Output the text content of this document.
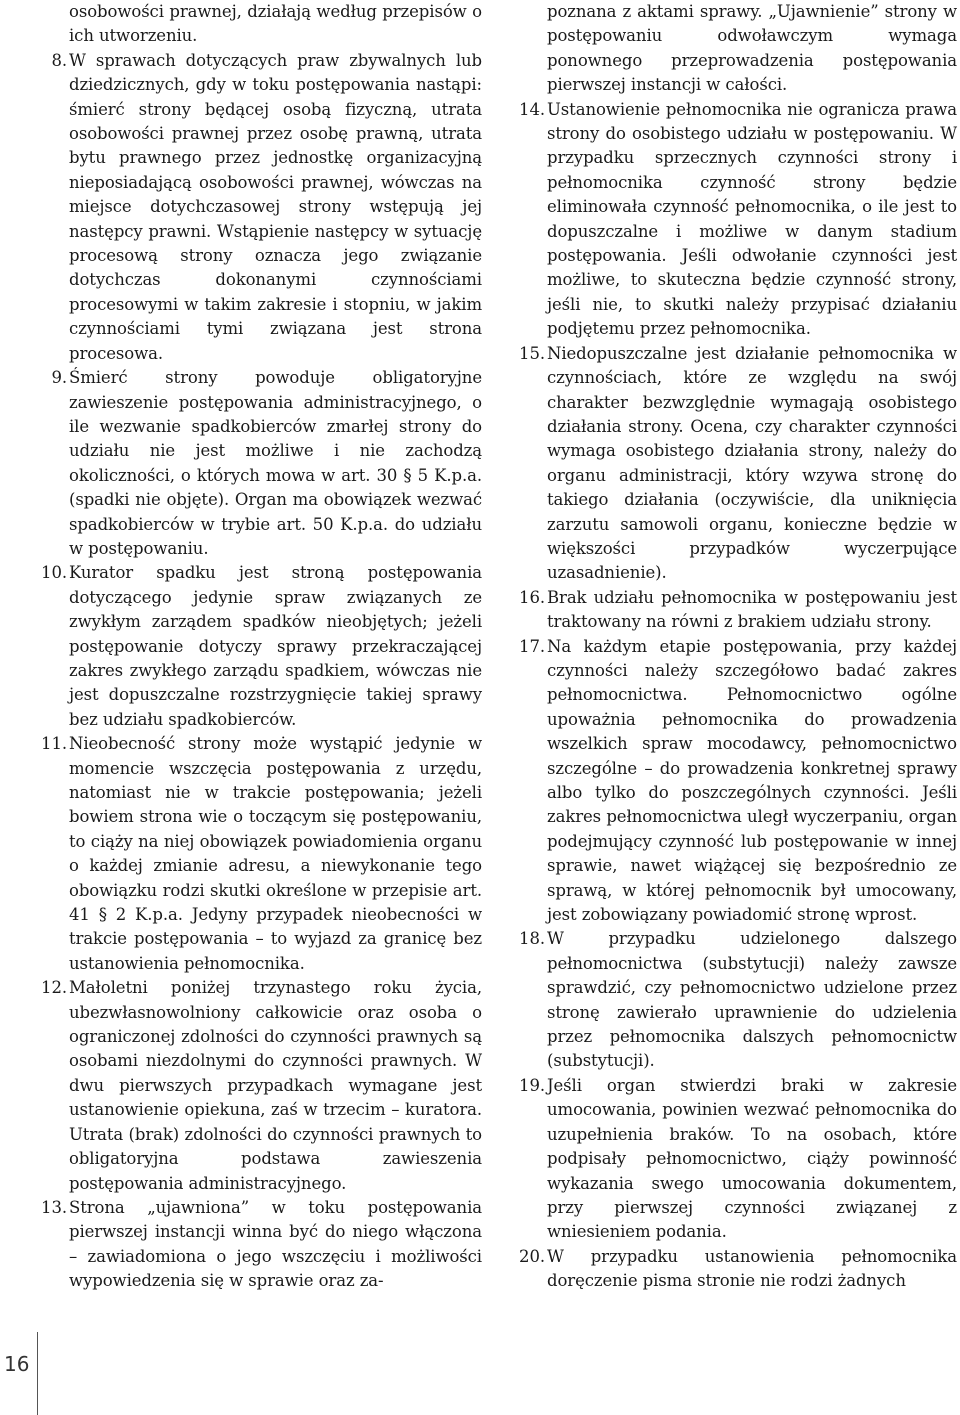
osobowości prawnej, działają według przepisów o ich utworzeniu.
8. W sprawach dotyczących praw zbywalnych lub dziedzicznych, gdy w toku postępowania nastąpi: śmierć strony będącej osobą fizyczną, utrata osobowości prawnej przez osobę prawną, utrata bytu prawnego przez jednostkę organizacyjną nieposiadającą osobowości prawnej, wówczas na miejsce dotychczasowej strony wstępują jej następcy prawni. Wstąpienie następcy w sytuację procesową strony oznacza jego związanie dotychczas dokonanymi czynnościami procesowymi w takim zakresie i stopniu, w jakim czynnościami tymi związana jest strona procesowa.
9. Śmierć strony powoduje obligatoryjne zawieszenie postępowania administracyjnego, o ile wezwanie spadkobierców zmarłej strony do udziału nie jest możliwe i nie zachodzą okoliczności, o których mowa w art. 30 § 5 K.p.a. (spadki nie objęte). Organ ma obowiązek wezwać spadkobierców w trybie art. 50 K.p.a. do udziału w postępowaniu.
10. Kurator spadku jest stroną postępowania dotyczącego jedynie spraw związanych ze zwykłym zarządem spadków nieobjętych; jeżeli postępowanie dotyczy sprawy przekraczającej zakres zwykłego zarządu spadkiem, wówczas nie jest dopuszczalne rozstrzygnięcie takiej sprawy bez udziału spadkobierców.
11. Nieobecność strony może wystąpić jedynie w momencie wszczęcia postępowania z urzędu, natomiast nie w trakcie postępowania; jeżeli bowiem strona wie o toczącym się postępowaniu, to ciąży na niej obowiązek powiadomienia organu o każdej zmianie adresu, a niewykonanie tego obowiązku rodzi skutki określone w przepisie art. 41 § 2 K.p.a. Jedyny przypadek nieobecności w trakcie postępowania – to wyjazd za granicę bez ustanowienia pełnomocnika.
12. Małoletni poniżej trzynastego roku życia, ubezwłasnowolniony całkowicie oraz osoba o ograniczonej zdolności do czynności prawnych są osobami niezdolnymi do czynności prawnych. W dwu pierwszych przypadkach wymagane jest ustanowienie opiekuna, zaś w trzecim – kuratora. Utrata (brak) zdolności do czynności prawnych to obligatoryjna podstawa zawieszenia postępowania administracyjnego.
13. Strona „ujawniona” w toku postępowania pierwszej instancji winna być do niego włączona – zawiadomiona o jego wszczęciu i możliwości wypowiedzenia się w sprawie oraz za-
poznana z aktami sprawy. „Ujawnienie” strony w postępowaniu odwoławczym wymaga ponownego przeprowadzenia postępowania pierwszej instancji w całości.
14. Ustanowienie pełnomocnika nie ogranicza prawa strony do osobistego udziału w postępowaniu. W przypadku sprzecznych czynności strony i pełnomocnika czynność strony będzie eliminowała czynność pełnomocnika, o ile jest to dopuszczalne i możliwe w danym stadium postępowania. Jeśli odwołanie czynności jest możliwe, to skuteczna będzie czynność strony, jeśli nie, to skutki należy przypisać działaniu podjętemu przez pełnomocnika.
15. Niedopuszczalne jest działanie pełnomocnika w czynnościach, które ze względu na swój charakter bezwzględnie wymagają osobistego działania strony. Ocena, czy charakter czynności wymaga osobistego działania strony, należy do organu administracji, który wzywa stronę do takiego działania (oczywiście, dla uniknięcia zarzutu samowoli organu, konieczne będzie w większości przypadków wyczerpujące uzasadnienie).
16. Brak udziału pełnomocnika w postępowaniu jest traktowany na równi z brakiem udziału strony.
17. Na każdym etapie postępowania, przy każdej czynności należy szczegółowo badać zakres pełnomocnictwa. Pełnomocnictwo ogólne upoważnia pełnomocnika do prowadzenia wszelkich spraw mocodawcy, pełnomocnictwo szczególne – do prowadzenia konkretnej sprawy albo tylko do poszczególnych czynności. Jeśli zakres pełnomocnictwa uległ wyczerpaniu, organ podejmujący czynność lub postępowanie w innej sprawie, nawet wiążącej się bezpośrednio ze sprawą, w której pełnomocnik był umocowany, jest zobowiązany powiadomić stronę wprost.
18. W przypadku udzielonego dalszego pełnomocnictwa (substytucji) należy zawsze sprawdzić, czy pełnomocnictwo udzielone przez stronę zawierało uprawnienie do udzielenia przez pełnomocnika dalszych pełnomocnictw (substytucji).
19. Jeśli organ stwierdzi braki w zakresie umocowania, powinien wezwać pełnomocnika do uzupełnienia braków. To na osobach, które podpisały pełnomocnictwo, ciąży powinność wykazania swego umocowania dokumentem, przy pierwszej czynności związanej z wniesieniem podania.
20. W przypadku ustanowienia pełnomocnika doręczenie pisma stronie nie rodzi żadnych
16
